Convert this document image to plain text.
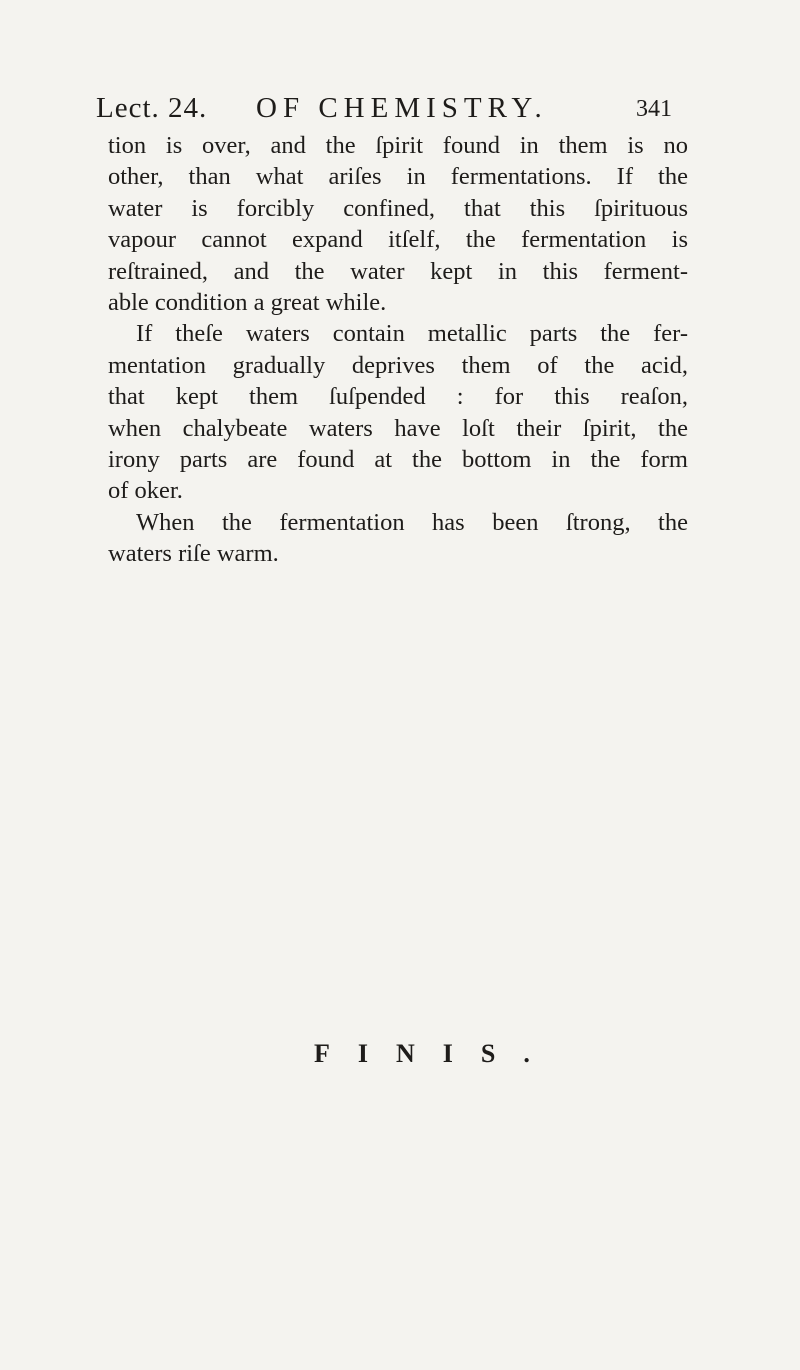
Lect. 24. OF CHEMISTRY.	341
tion is over, and the ſpirit found in them is no
other, than what ariſes in fermentations. If the
water is forcibly confined, that this ſpirituous
vapour cannot expand itſelf, the fermentation is
reſtrained, and the water kept in this ferment-
able condition a great while.
If theſe waters contain metallic parts the fer-
mentation gradually deprives them of the acid,
that kept them ſuſpended : for this reaſon,
when chalybeate waters have loſt their ſpirit, the
irony parts are found at the bottom in the form
of oker.
When the fermentation has been ſtrong, the
waters riſe warm.
FINIS.
